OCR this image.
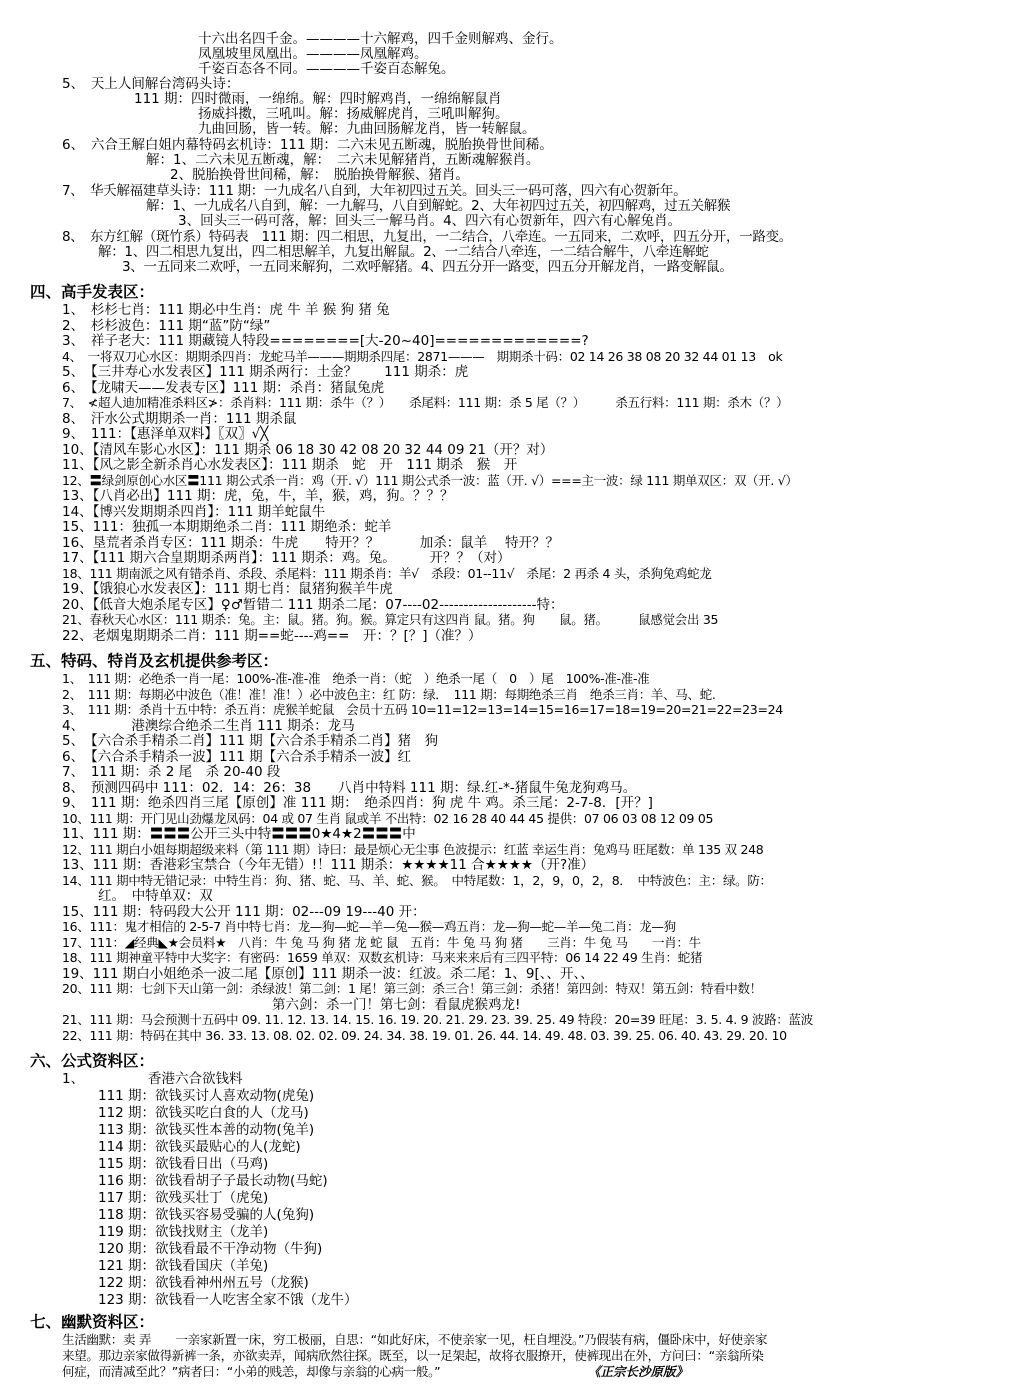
十六出名四千金。————十六解鸡，四千金则解鸡、金行。
凤凰坡里凤凰出。————凤凰解鸡。
千姿百态各不同。————千姿百态解兔。
5、　天上人间解台湾码头诗：
111 期：四时微雨，一绵绵。解：四时解鸡肖，一绵绵解鼠肖
扬威抖擞，三吼叫。解：扬威解虎肖，三吼叫解狗。
九曲回肠，皆一转。解：九曲回肠解龙肖，皆一转解鼠。
6、　六合王解白姐内幕特码玄机诗：111 期：二六未见五断魂，脱胎换骨世间稀。
解：1、二六未见五断魂，解：　二六未见解猪肖，五断魂解猴肖。
2、脱胎换骨世间稀，解：　脱胎换骨解猴、猪肖。
7、　华夭解福建草头诗：111 期：一九成名八自到，大年初四过五关。回头三一码可落，四六有心贺新年。
解：1、一九成名八自到，解：一九解马，八自到解蛇。2、大年初四过五关，初四解鸡，过五关解猴
3、回头三一码可落，解：回头三一解马肖。4、四六有心贺新年，四六有心解兔肖。
8、　东方红解（斑竹系）特码表　111 期：四二相思，九复出，一二结合，八牵连。一五同来，二欢呼，四五分开，一路变。
解：1、四二相思九复出，四二相思解羊，九复出解鼠。2、一二结合八牵连，一二结合解牛，八牵连解蛇
3、一五同来二欢呼，一五同来解狗，二欢呼解猪。4、四五分开一路变，四五分开解龙肖，一路变解鼠。
四、高手发表区：
1、　杉杉七肖：111 期必中生肖：虎 牛 羊 猴 狗 猪 兔
2、　杉杉波色：111 期“蓝”防“绿”
3、　祥子老大：111 期藏镜人特段========[大-20~40]=============?
4、　一将双刀心水区：期期杀四肖：龙蛇马羊———期期杀四尾：2871———　期期杀十码：02 14 26 38 08 20 32 44 01 13　ok
5、　【三井寿心水发表区】111 期杀两行：土金？　　111 期杀：虎
6、　【龙啸天——发表专区】111 期：杀肖：猪鼠兔虎
7、　≮超人迪加精准杀料区≯：杀肖料：111 期：杀牛（？）　　杀尾料：111 期：杀 5 尾（？）　　　杀五行料：111 期：杀木（？）
8、　汗水公式期期杀一肖：111 期杀鼠
9、　111：【惠泽单双料】〖双〗√╳
10、【清风车影心水区】：111 期杀 06 18 30 42 08 20 32 44 09 21（开？对）
11、【风之影全新杀肖心水发表区】：111 期杀　蛇　开　111 期杀　猴　开
12、〓绿剑原创心水区〓111 期公式杀一肖：鸡（开. √）111 期公式杀一波：蓝（开. √）===主一波：绿 111 期单双区：双（开. √）
13、【八肖必出】111 期：虎，兔，牛，羊，猴，鸡，狗。？？？
14、【博兴发期期杀四肖】：111 期羊蛇鼠牛
15、111：独孤一本期期绝杀二肖：111 期绝杀：蛇羊
16、垦荒者杀肖专区：111 期杀：牛虎　　特开？？　　　加杀：鼠羊　 特开？？
17、【111 期六合皇期期杀两肖】：111 期杀：鸡。兔。　　　开？？（对）
18、111 期南派之风有错杀肖、杀段、杀尾料：111 期杀肖：羊√　杀段：01--11√　杀尾：2 再杀 4 头，杀狗兔鸡蛇龙
19、【饿狼心水发表区】：111 期七肖：鼠猪狗猴羊牛虎
20、【低音大炮杀尾专区】♀♂暂错二 111 期杀二尾：07----02--------------------特：
21、春秋天心水区：111 期杀：兔。主：鼠。猪。狗。猴。算定只有这四肖 鼠。猪。狗　　鼠。猪。　　　鼠感觉会出 35
22、老烟鬼期期杀二肖：111 期==蛇----鸡==　开：？[？]（准？）
五、特码、特肖及玄机提供参考区：
1、　111 期：必绝杀一肖一尾：100%-准-准-准　绝杀一肖：（蛇　）绝杀一尾（　0　）尾　100%-准-准-准
2、　111 期：每期必中波色（准！准！准！）必中波色主：红 防：绿．　111 期：每期绝杀三肖　绝杀三肖：羊、马、蛇.
3、　111 期：杀肖十五中特：杀五肖：虎猴羊蛇鼠　会员十五码 10=11=12=13=14=15=16=17=18=19=20=21=22=23=24
4、　　　　港澳综合绝杀二生肖 111 期杀：龙马
5、　【六合杀手精杀二肖】111 期【六合杀手精杀二肖】猪　狗
6、　【六合杀手精杀一波】111 期【六合杀手精杀一波】红
7、　111 期：杀 2 尾　杀 20-40 段
8、　预测四码中 111：02．14：26：38　　八肖中特料 111 期：绿.红-*-猪鼠牛兔龙狗鸡马。
9、　111 期：绝杀四肖三尾【原创】准 111 期：　绝杀四肖：狗 虎 牛 鸡。杀三尾：2-7-8．[开？]
10、111 期：开门见山劲爆龙凤码：04 或 07 生肖 鼠或羊 不出特：02 16 28 40 44 45 提供：07 06 03 08 12 09 05
11、111 期：〓〓〓公开三头中特〓〓〓0★4★2〓〓〓中
12、111 期白小姐每期超级来料（第 111 期）诗曰：最是烦心无尘事 色波提示：红蓝 幸运生肖：兔鸡马 旺尾数：单 135 双 248
13、111 期：香港彩宝禁合（今年无错）!！111 期杀：★★★★11 合★★★★（开?准）
14、111 期中特无错记录：中特生肖：狗、猪、蛇、马、羊、蛇、猴。　中特尾数：1，2，9，0，2，8．　中特波色：主：绿。防：
红。　中特单双：双
15、111 期：特码段大公开 111 期：02---09 19---40 开：
16、111：鬼才相信的 2-5-7 肖中特七肖：龙—狗—蛇—羊—兔—猴—鸡五肖：龙—狗—蛇—羊—兔二肖：龙—狗
17、111：◢经典◣★会员料★　八肖：牛 兔 马 狗 猪 龙 蛇 鼠　五肖：牛 兔 马 狗 猪　　三肖：牛 兔 马　　一肖：牛
18、111 期神童平特中大奖字：有密码：1659 单双：双数玄机诗：马来来来后有三四平特：06 14 22 49 生肖：蛇猪
19、111 期白小姐绝杀一波二尾【原创】111 期杀一波：红波。杀二尾：1、9[、、开、、
20、111 期：七剑下天山第一剑：杀绿波！第二剑：1 尾！第三剑：杀三合！第三剑：杀猪！第四剑：特双！第五剑：特看中数！
第六剑：杀一门！第七剑：看鼠虎猴鸡龙!
21、111 期：马会预测十五码中 09. 11. 12. 13. 14. 15. 16. 19. 20. 21. 29. 23. 39. 25. 49 特段：20=39 旺尾：3. 5. 4. 9 波路：蓝波
22、111 期：特码在其中 36. 33. 13. 08. 02. 02. 09. 24. 34. 38. 19. 01. 26. 44. 14. 49. 48. 03. 39. 25. 06. 40. 43. 29. 20. 10
六、公式资料区：
1、	香港六合欲钱料
111 期：欲钱买讨人喜欢动物(虎兔)
112 期：欲钱买吃白食的人（龙马)
113 期：欲钱买性本善的动物(兔羊)
114 期：欲钱买最贴心的人(龙蛇)
115 期：欲钱看日出（马鸡)
116 期：欲钱看胡子子最长动物(马蛇)
117 期：欲残买壮丁（虎兔)
118 期：欲钱买容易受骗的人(兔狗)
119 期：欲钱找财主（龙羊)
120 期：欲钱看最不干净动物（牛狗)
121 期：欲钱看国庆（羊兔)
122 期：欲钱看神州州五号（龙猴)
123 期：欲钱看一人吃害全家不饿（龙牛）
七、幽默资料区：
生活幽默：卖 弄　　一亲家新置一床，穷工极丽，自思：“如此好床，不使亲家一见，枉自埋没。”乃假装有病，僵卧床中，好使亲家
来望。那边亲家做得新裤一条，亦欲卖弄，闻病欣然往探。既至，以一足架起，故将衣服撩开，使裤现出在外，方问曰：“亲翁所染
何症，而清减至此？”病者曰：“小弟的贱恙，却像与亲翁的心病一般。”	《正宗长沙原版》
